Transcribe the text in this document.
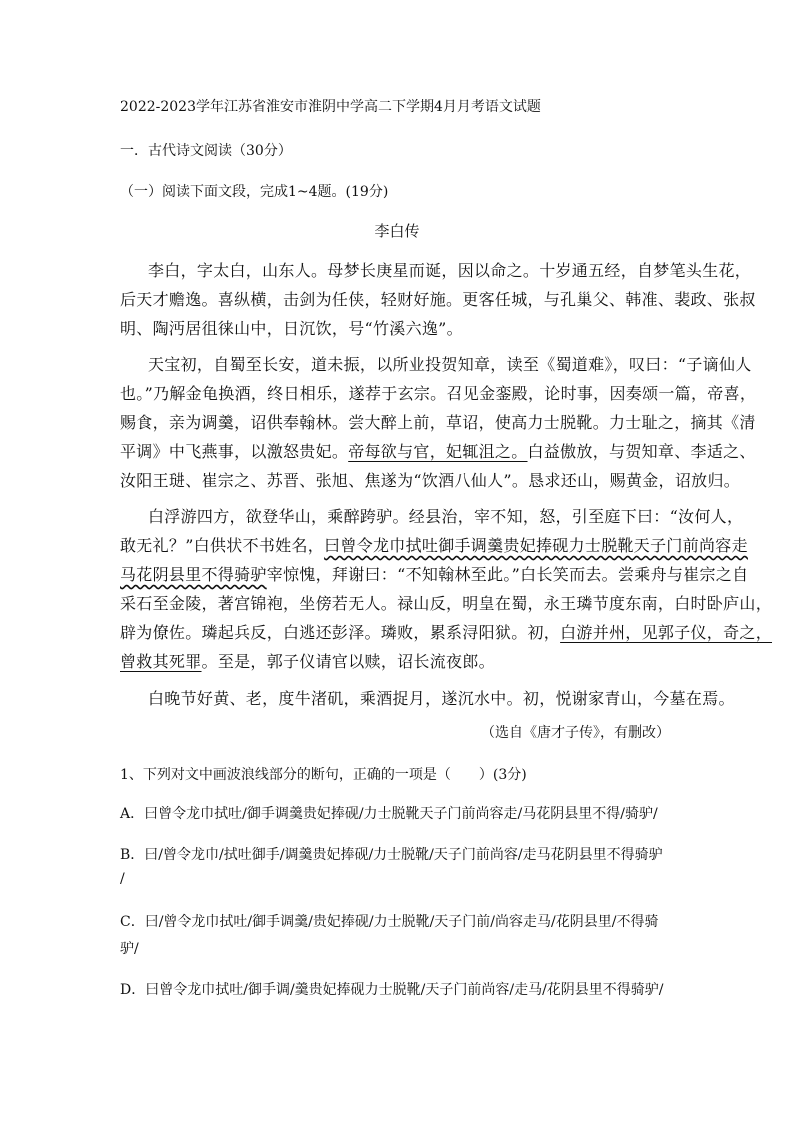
2022-2023学年江苏省淮安市淮阴中学高二下学期4月月考语文试题
一．古代诗文阅读（30分）
（一）阅读下面文段，完成1~4题。(19分)
李白传
李白，字太白，山东人。母梦长庚星而诞，因以命之。十岁通五经，自梦笔头生花，
后天才赡逸。喜纵横，击剑为任侠，轻财好施。更客任城，与孔巢父、韩准、裴政、张叔
明、陶沔居徂徕山中，日沉饮，号“竹溪六逸”。
天宝初，自蜀至长安，道未振，以所业投贺知章，读至《蜀道难》，叹曰：“子谪仙人
也。”乃解金龟换酒，终日相乐，遂荐于玄宗。召见金銮殿，论时事，因奏颂一篇，帝喜，
赐食，亲为调羹，诏供奉翰林。尝大醉上前，草诏，使高力士脱靴。力士耻之，摘其《清
平调》中飞燕事，以激怒贵妃。帝每欲与官，妃辄沮之。白益傲放，与贺知章、李适之、
汝阳王琎、崔宗之、苏晋、张旭、焦遂为“饮酒八仙人”。恳求还山，赐黄金，诏放归。
白浮游四方，欲登华山，乘醉跨驴。经县治，宰不知，怒，引至庭下曰：“汝何人，
敢无礼？”白供状不书姓名，曰曾令龙巾拭吐御手调羹贵妃捧砚力士脱靴天子门前尚容走
马花阴县里不得骑驴宰惊愧，拜谢曰：“不知翰林至此。”白长笑而去。尝乘舟与崔宗之自
采石至金陵，著宫锦袍，坐傍若无人。禄山反，明皇在蜀，永王璘节度东南，白时卧庐山，
辟为僚佐。璘起兵反，白逃还彭泽。璘败，累系浔阳狱。初，白游并州，见郭子仪，奇之，
曾救其死罪。至是，郭子仪请官以赎，诏长流夜郎。
白晚节好黄、老，度牛渚矶，乘酒捉月，遂沉水中。初，悦谢家青山，今墓在焉。
（选自《唐才子传》，有删改）
1、下列对文中画波浪线部分的断句，正确的一项是（　　）(3分)
A．曰曾令龙巾拭吐/御手调羹贵妃捧砚/力士脱靴天子门前尚容走/马花阴县里不得/骑驴/
B．曰/曾令龙巾/拭吐御手/调羹贵妃捧砚/力士脱靴/天子门前尚容/走马花阴县里不得骑驴
/
C．曰/曾令龙巾拭吐/御手调羹/贵妃捧砚/力士脱靴/天子门前/尚容走马/花阴县里/不得骑
驴/
D．曰曾令龙巾拭吐/御手调/羹贵妃捧砚力士脱靴/天子门前尚容/走马/花阴县里不得骑驴/
